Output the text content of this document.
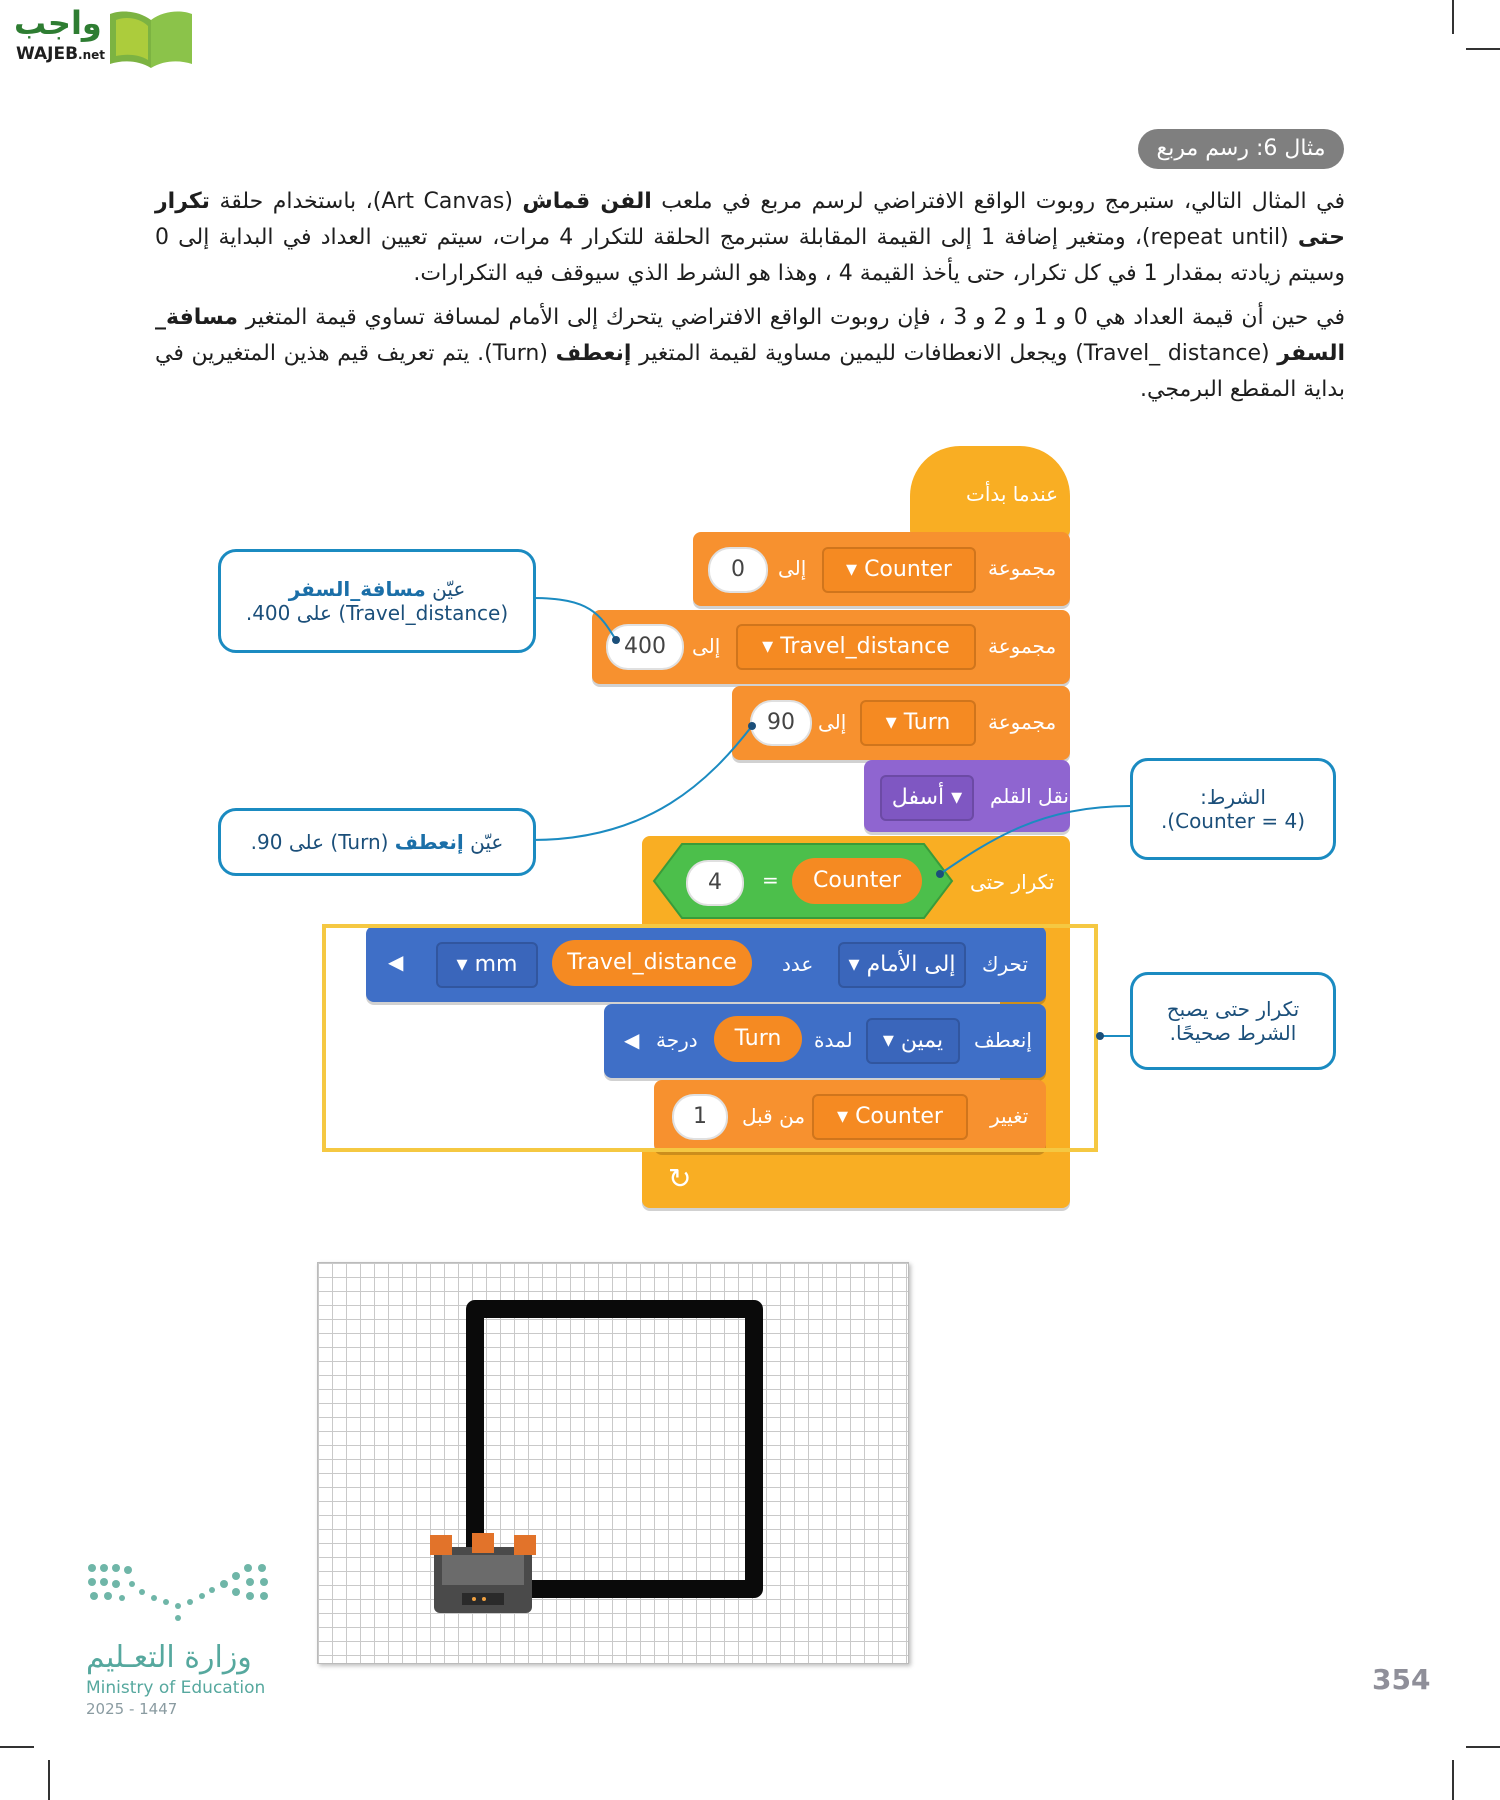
واجب
WAJEB.net
مثال 6: رسم مربع
في المثال التالي، ستبرمج روبوت الواقع الافتراضي لرسم مربع في ملعب الفن قماش (Art Canvas)، باستخدام حلقة تكرار حتى (repeat until)، ومتغير إضافة 1 إلى القيمة المقابلة ستبرمج الحلقة للتكرار 4 مرات، سيتم تعيين العداد في البداية إلى 0 وسيتم زيادته بمقدار 1 في كل تكرار، حتى يأخذ القيمة 4 ، وهذا هو الشرط الذي سيوقف فيه التكرارات.
في حين أن قيمة العداد هي 0 و 1 و 2 و 3 ، فإن روبوت الواقع الافتراضي يتحرك إلى الأمام لمسافة تساوي قيمة المتغير مسافة_ السفر (Travel_ distance) ويجعل الانعطافات لليمين مساوية لقيمة المتغير إنعطف (Turn). يتم تعريف قيم هذين المتغيرين في بداية المقطع البرمجي.
عندما بدأت
مجموعة
▾ Counter
إلى
0
مجموعة
▾ Travel_distance
إلى
400
مجموعة
▾ Turn
إلى
90
نقل القلم
أسفل ▾
تكرار حتى
4	=	Counter
↻
تحرك
▾ إلى الأمام
عدد
Travel_distance
▾ mm
◀
إنعطف
▾ يمين
لمدة
Turn
درجة
◀
تغيير
▾ Counter
من قبل
1
عيّن مسافة_السفر
(Travel_distance) على 400.
عيّن إنعطف (Turn) على 90.
الشرط:
(Counter = 4).
تكرار حتى يصبح
الشرط صحيحًا.
وزارة التعـليم
Ministry of Education
2025 - 1447
354
